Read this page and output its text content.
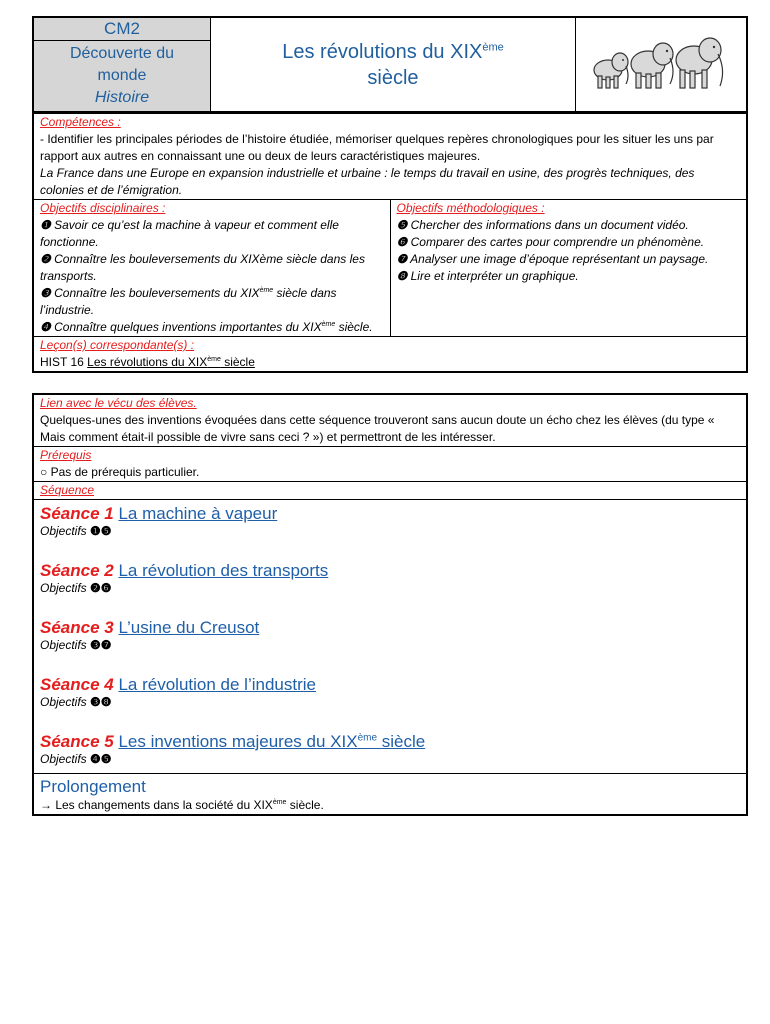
CM2
Découverte du
monde
Histoire
	Les révolutions du XIXème
siècle	
Compétences :
- Identifier les principales périodes de l’histoire étudiée, mémoriser quelques repères chronologiques pour les situer les uns par rapport aux autres en connaissant une ou deux de leurs caractéristiques majeures.
La France dans une Europe en expansion industrielle et urbaine : le temps du travail en usine, des progrès techniques, des colonies et de l’émigration.

Objectifs disciplinaires :
❶ Savoir ce qu’est la machine à vapeur et comment elle fonctionne.
❷ Connaître les bouleversements du XIXème siècle dans les transports.
❸ Connaître les bouleversements du XIXème siècle dans l’industrie.
❹ Connaître quelques inventions importantes du XIXème siècle.

Objectifs méthodologiques :
❺ Chercher des informations dans un document vidéo.
❻ Comparer des cartes pour comprendre un phénomène.
❼ Analyser une image d’époque représentant un paysage.
❽ Lire et interpréter un graphique.

Leçon(s) correspondante(s) :
HIST 16 Les révolutions du XIXème siècle
Lien avec le vécu des élèves.
Quelques-unes des inventions évoquées dans cette séquence trouveront sans aucun doute un écho chez les élèves (du type « Mais comment était-il possible de vivre sans ceci ? ») et permettront de les intéresser.

Prérequis
○ Pas de prérequis particulier.

Séquence

Séance 1 La machine à vapeur
Objectifs ❶❺
Séance 2 La révolution des transports
Objectifs ❷❻
Séance 3 L’usine du Creusot
Objectifs ❸❼
Séance 4 La révolution de l’industrie
Objectifs ❸❽
Séance 5 Les inventions majeures du XIXème siècle
Objectifs ❹❺

Prolongement
→ Les changements dans la société du XIXème siècle.
